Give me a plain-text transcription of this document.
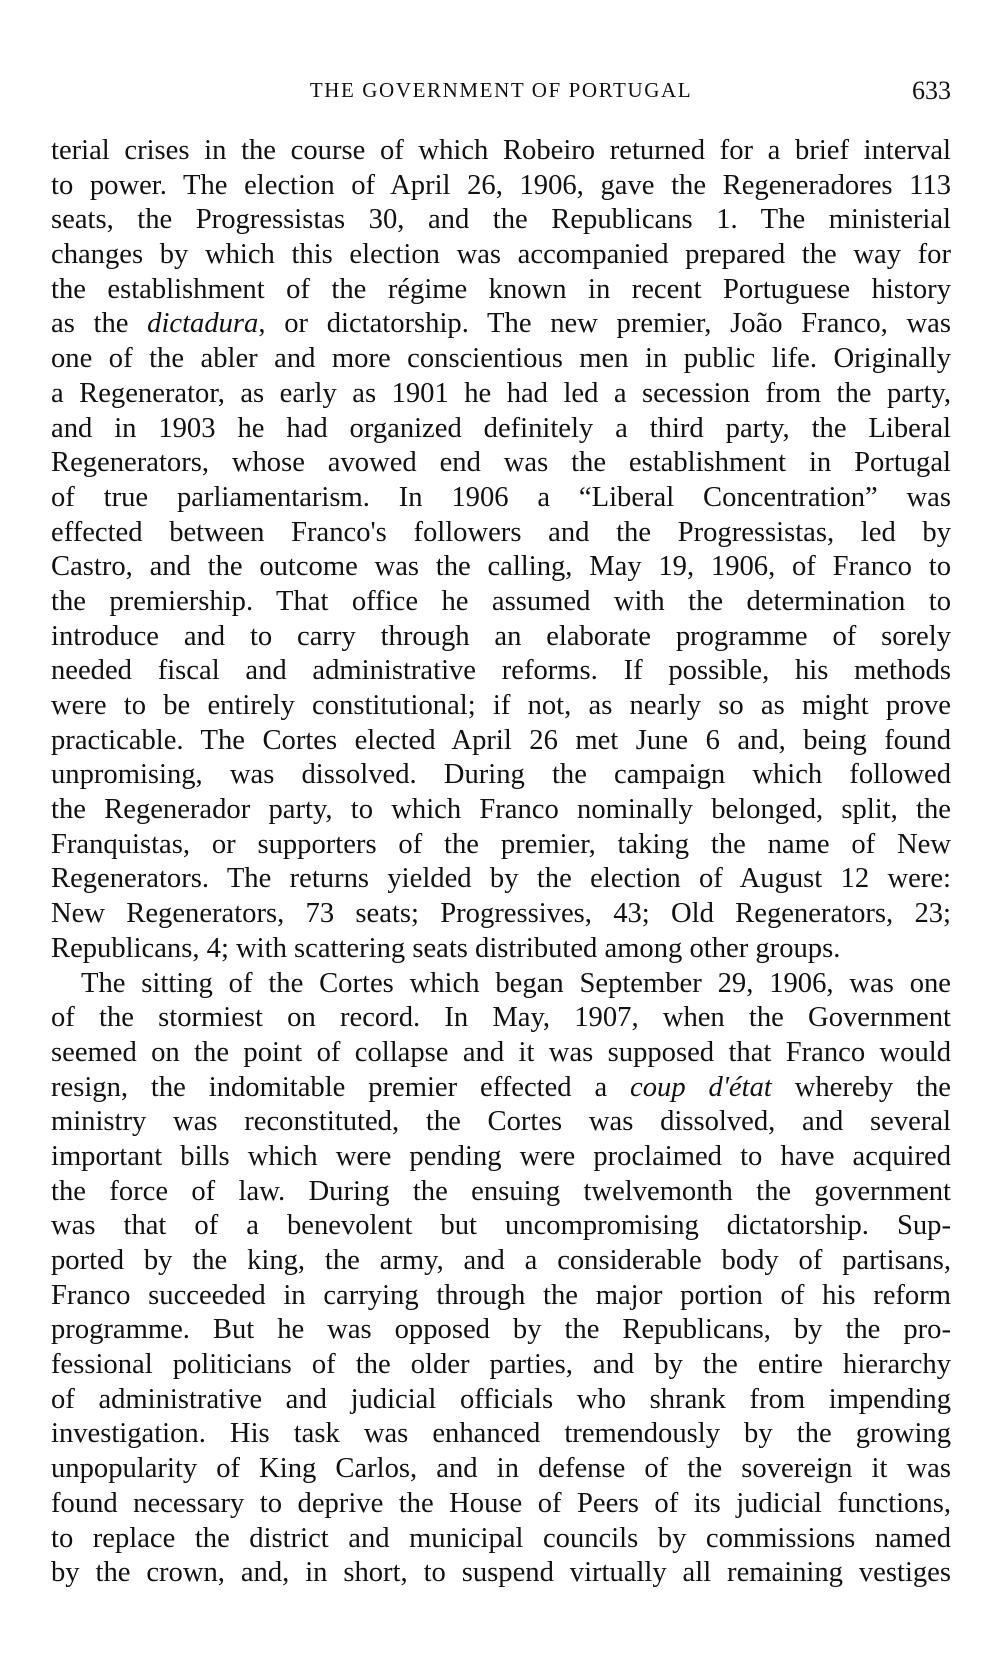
THE GOVERNMENT OF PORTUGAL	633
terial crises in the course of which Robeiro returned for a brief interval
to power. The election of April 26, 1906, gave the Regeneradores 113
seats, the Progressistas 30, and the Republicans 1. The ministerial
changes by which this election was accompanied prepared the way for
the establishment of the régime known in recent Portuguese history
as the dictadura, or dictatorship. The new premier, João Franco, was
one of the abler and more conscientious men in public life. Originally
a Regenerator, as early as 1901 he had led a secession from the party,
and in 1903 he had organized definitely a third party, the Liberal
Regenerators, whose avowed end was the establishment in Portugal
of true parliamentarism. In 1906 a “Liberal Concentration” was
effected between Franco's followers and the Progressistas, led by
Castro, and the outcome was the calling, May 19, 1906, of Franco to
the premiership. That office he assumed with the determination to
introduce and to carry through an elaborate programme of sorely
needed fiscal and administrative reforms. If possible, his methods
were to be entirely constitutional; if not, as nearly so as might prove
practicable. The Cortes elected April 26 met June 6 and, being found
unpromising, was dissolved. During the campaign which followed
the Regenerador party, to which Franco nominally belonged, split, the
Franquistas, or supporters of the premier, taking the name of New
Regenerators. The returns yielded by the election of August 12 were:
New Regenerators, 73 seats; Progressives, 43; Old Regenerators, 23;
Republicans, 4; with scattering seats distributed among other groups.
The sitting of the Cortes which began September 29, 1906, was one
of the stormiest on record. In May, 1907, when the Government
seemed on the point of collapse and it was supposed that Franco would
resign, the indomitable premier effected a coup d'état whereby the
ministry was reconstituted, the Cortes was dissolved, and several
important bills which were pending were proclaimed to have acquired
the force of law. During the ensuing twelvemonth the government
was that of a benevolent but uncompromising dictatorship. Sup-
ported by the king, the army, and a considerable body of partisans,
Franco succeeded in carrying through the major portion of his reform
programme. But he was opposed by the Republicans, by the pro-
fessional politicians of the older parties, and by the entire hierarchy
of administrative and judicial officials who shrank from impending
investigation. His task was enhanced tremendously by the growing
unpopularity of King Carlos, and in defense of the sovereign it was
found necessary to deprive the House of Peers of its judicial functions,
to replace the district and municipal councils by commissions named
by the crown, and, in short, to suspend virtually all remaining vestiges
